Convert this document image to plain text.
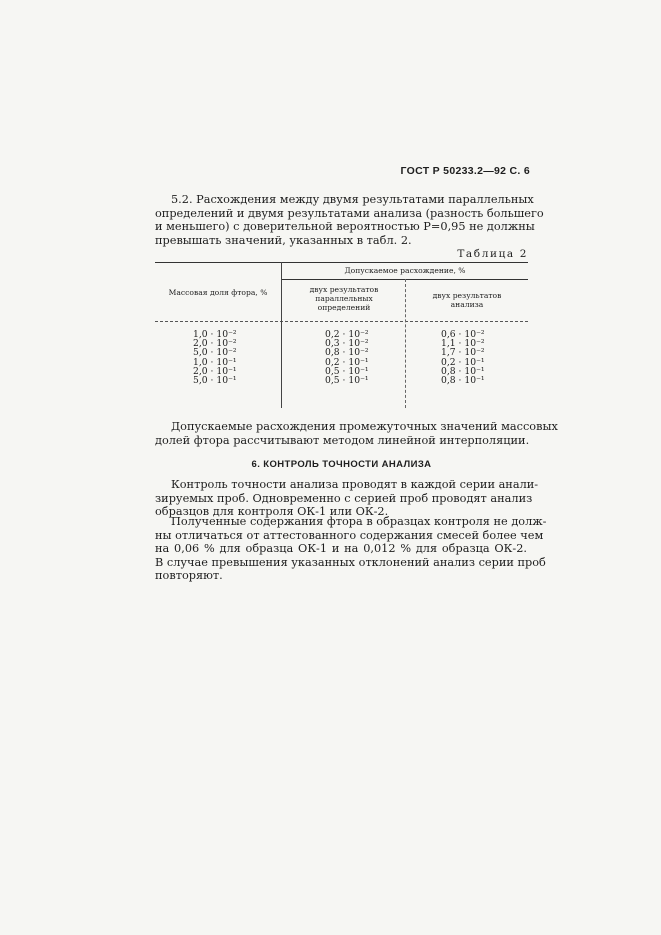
ГОСТ Р 50233.2—92 С. 6
5.2. Расхождения между двумя результатами параллельных
определений и двумя результатами анализа (разность большего
и меньшего) с доверительной вероятностью P=0,95 не должны
превышать значений, указанных в табл. 2.
Таблица 2
Массовая доля фтора, %
Допускаемое расхождение, %
двух результатов параллельных определений
двух результатов анализа
1,0 · 10⁻²
2,0 · 10⁻²
5,0 · 10⁻²
1,0 · 10⁻¹
2,0 · 10⁻¹
5,0 · 10⁻¹
0,2 · 10⁻²
0,3 · 10⁻²
0,8 · 10⁻²
0,2 · 10⁻¹
0,5 · 10⁻¹
0,5 · 10⁻¹
0,6 · 10⁻²
1,1 · 10⁻²
1,7 · 10⁻²
0,2 · 10⁻¹
0,8 · 10⁻¹
0,8 · 10⁻¹
Допускаемые расхождения промежуточных значений массовых
долей фтора рассчитывают методом линейной интерполяции.
6. КОНТРОЛЬ ТОЧНОСТИ АНАЛИЗА
Контроль точности анализа проводят в каждой серии анали-
зируемых проб. Одновременно с серией проб проводят анализ
образцов для контроля ОК-1 или ОК-2.
Полученные содержания фтора в образцах контроля не долж-
ны отличаться от аттестованного содержания смесей более чем
на 0,06 % для образца ОК-1 и на 0,012 % для образца ОК-2.
В случае превышения указанных отклонений анализ серии проб
повторяют.
